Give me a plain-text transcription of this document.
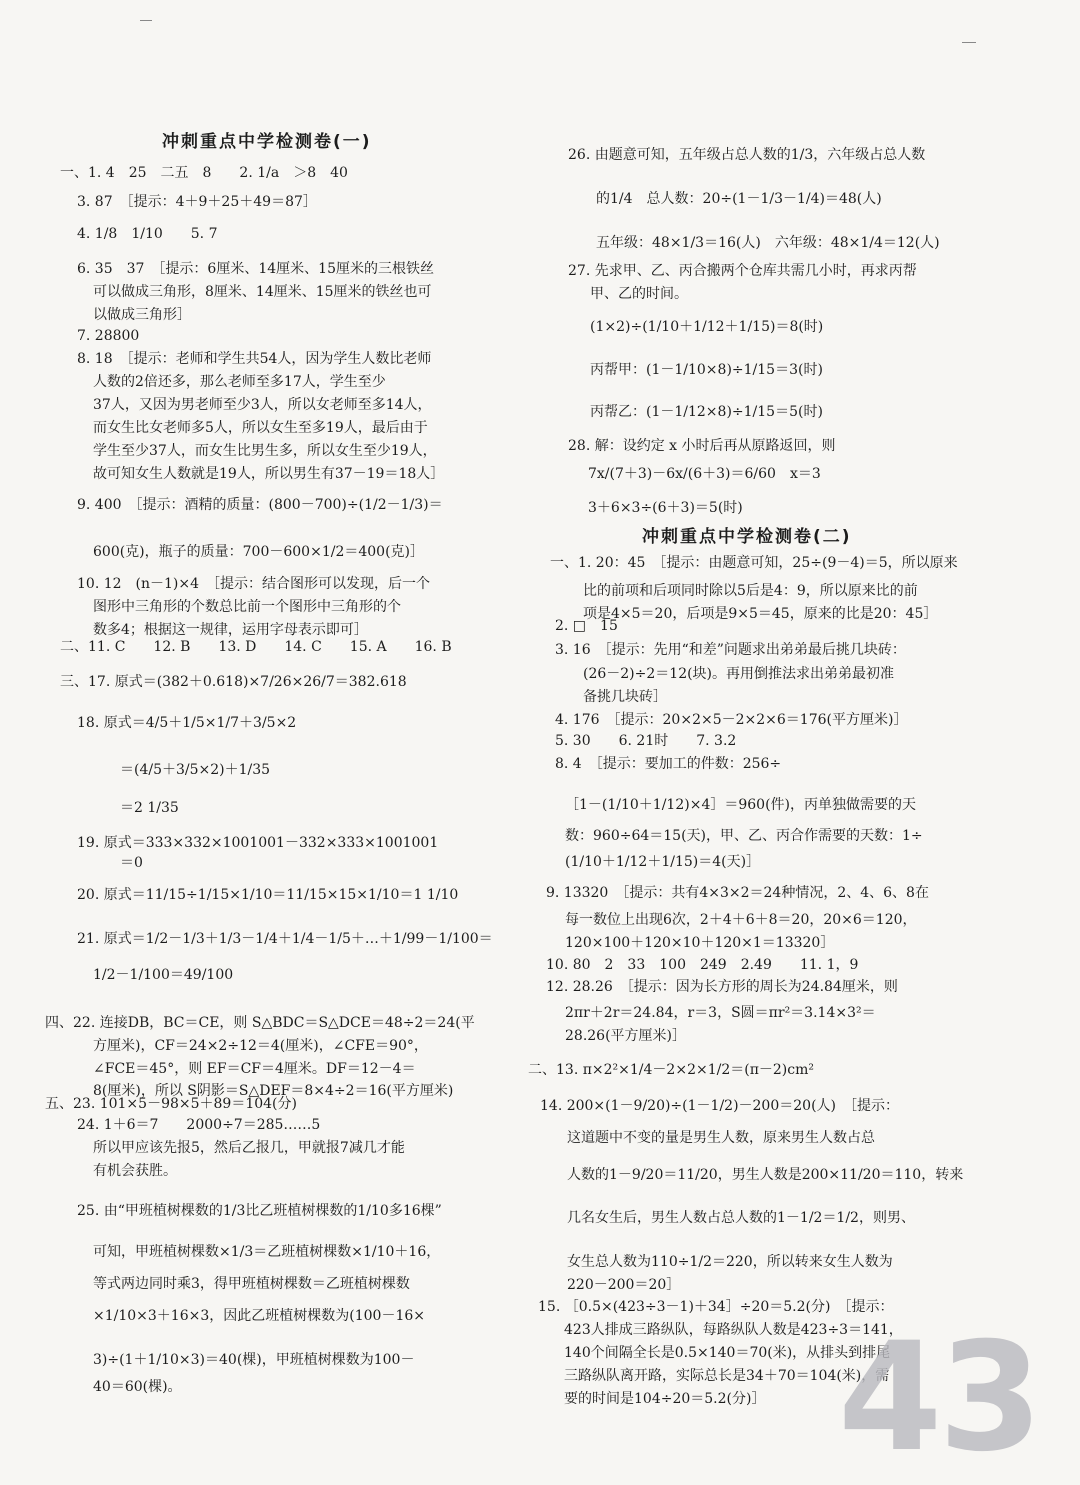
冲刺重点中学检测卷(一)
一、1. 4　25　二五　8　　2. 1/a　＞8　40
3. 87　［提示：4＋9＋25＋49＝87］
4. 1/8　1/10　　5. 7
6. 35　37　［提示：6厘米、14厘米、15厘米的三根铁丝
可以做成三角形，8厘米、14厘米、15厘米的铁丝也可
以做成三角形］
7. 28800
8. 18　［提示：老师和学生共54人，因为学生人数比老师
人数的2倍还多，那么老师至多17人，学生至少
37人，又因为男老师至少3人，所以女老师至多14人，
而女生比女老师多5人，所以女生至多19人，最后由于
学生至少37人，而女生比男生多，所以女生至少19人，
故可知女生人数就是19人，所以男生有37－19＝18人］
9. 400　［提示：酒精的质量：(800－700)÷(1/2－1/3)＝
600(克)，瓶子的质量：700－600×1/2＝400(克)］
10. 12　(n－1)×4　［提示：结合图形可以发现，后一个
图形中三角形的个数总比前一个图形中三角形的个
数多4；根据这一规律，运用字母表示即可］
二、11. C　　12. B　　13. D　　14. C　　15. A　　16. B
三、17. 原式＝(382＋0.618)×7/26×26/7＝382.618
18. 原式＝4/5＋1/5×1/7＋3/5×2
＝(4/5＋3/5×2)＋1/35
＝2 1/35
19. 原式＝333×332×1001001－332×333×1001001
＝0
20. 原式＝11/15÷1/15×1/10＝11/15×15×1/10＝1 1/10
21. 原式＝1/2－1/3＋1/3－1/4＋1/4－1/5＋…＋1/99－1/100＝
1/2－1/100＝49/100
四、22. 连接DB，BC＝CE，则 S△BDC＝S△DCE＝48÷2＝24(平
方厘米)，CF＝24×2÷12＝4(厘米)，∠CFE＝90°，
∠FCE＝45°，则 EF＝CF＝4厘米。DF＝12－4＝
8(厘米)，所以 S阴影＝S△DEF＝8×4÷2＝16(平方厘米)
五、23. 101×5－98×5＋89＝104(分)
24. 1＋6＝7　　2000÷7＝285……5
所以甲应该先报5，然后乙报几，甲就报7减几才能
有机会获胜。
25. 由“甲班植树棵数的1/3比乙班植树棵数的1/10多16棵”
可知，甲班植树棵数×1/3＝乙班植树棵数×1/10＋16，
等式两边同时乘3，得甲班植树棵数＝乙班植树棵数
×1/10×3＋16×3，因此乙班植树棵数为(100－16×
3)÷(1＋1/10×3)＝40(棵)，甲班植树棵数为100－
40＝60(棵)。
26. 由题意可知，五年级占总人数的1/3，六年级占总人数
的1/4　总人数：20÷(1－1/3－1/4)＝48(人)
五年级：48×1/3＝16(人)　六年级：48×1/4＝12(人)
27. 先求甲、乙、丙合搬两个仓库共需几小时，再求丙帮
甲、乙的时间。
(1×2)÷(1/10＋1/12＋1/15)＝8(时)
丙帮甲：(1－1/10×8)÷1/15＝3(时)
丙帮乙：(1－1/12×8)÷1/15＝5(时)
28. 解：设约定 x 小时后再从原路返回，则
7x/(7＋3)－6x/(6＋3)＝6/60　x＝3
3＋6×3÷(6＋3)＝5(时)
冲刺重点中学检测卷(二)
一、1. 20：45　［提示：由题意可知，25÷(9－4)＝5，所以原来
比的前项和后项同时除以5后是4：9，所以原来比的前
项是4×5＝20，后项是9×5＝45，原来的比是20：45］
2. □　15
3. 16　［提示：先用“和差”问题求出弟弟最后挑几块砖：
(26－2)÷2＝12(块)。再用倒推法求出弟弟最初准
备挑几块砖］
4. 176　［提示：20×2×5－2×2×6＝176(平方厘米)］
5. 30　　6. 21时　　7. 3.2
8. 4　［提示：要加工的件数：256÷
［1－(1/10＋1/12)×4］＝960(件)，丙单独做需要的天
数：960÷64＝15(天)，甲、乙、丙合作需要的天数：1÷
(1/10＋1/12＋1/15)＝4(天)］
9. 13320　［提示：共有4×3×2＝24种情况，2、4、6、8在
每一数位上出现6次，2＋4＋6＋8＝20，20×6＝120，
120×100＋120×10＋120×1＝13320］
10. 80　2　33　100　249　2.49　　11. 1，9
12. 28.26　［提示：因为长方形的周长为24.84厘米，则
2πr＋2r＝24.84，r＝3，S圆＝πr²＝3.14×3²＝
28.26(平方厘米)］
二、13. π×2²×1/4－2×2×1/2＝(π－2)cm²
14. 200×(1－9/20)÷(1－1/2)－200＝20(人)　［提示：
这道题中不变的量是男生人数，原来男生人数占总
人数的1－9/20＝11/20，男生人数是200×11/20＝110，转来
几名女生后，男生人数占总人数的1－1/2＝1/2，则男、
女生总人数为110÷1/2＝220，所以转来女生人数为
220－200＝20］
15. ［0.5×(423÷3－1)＋34］÷20＝5.2(分)　［提示：
423人排成三路纵队，每路纵队人数是423÷3＝141，
140个间隔全长是0.5×140＝70(米)，从排头到排尾
三路纵队离开路，实际总长是34＋70＝104(米)，需
要的时间是104÷20＝5.2(分)］ 43
